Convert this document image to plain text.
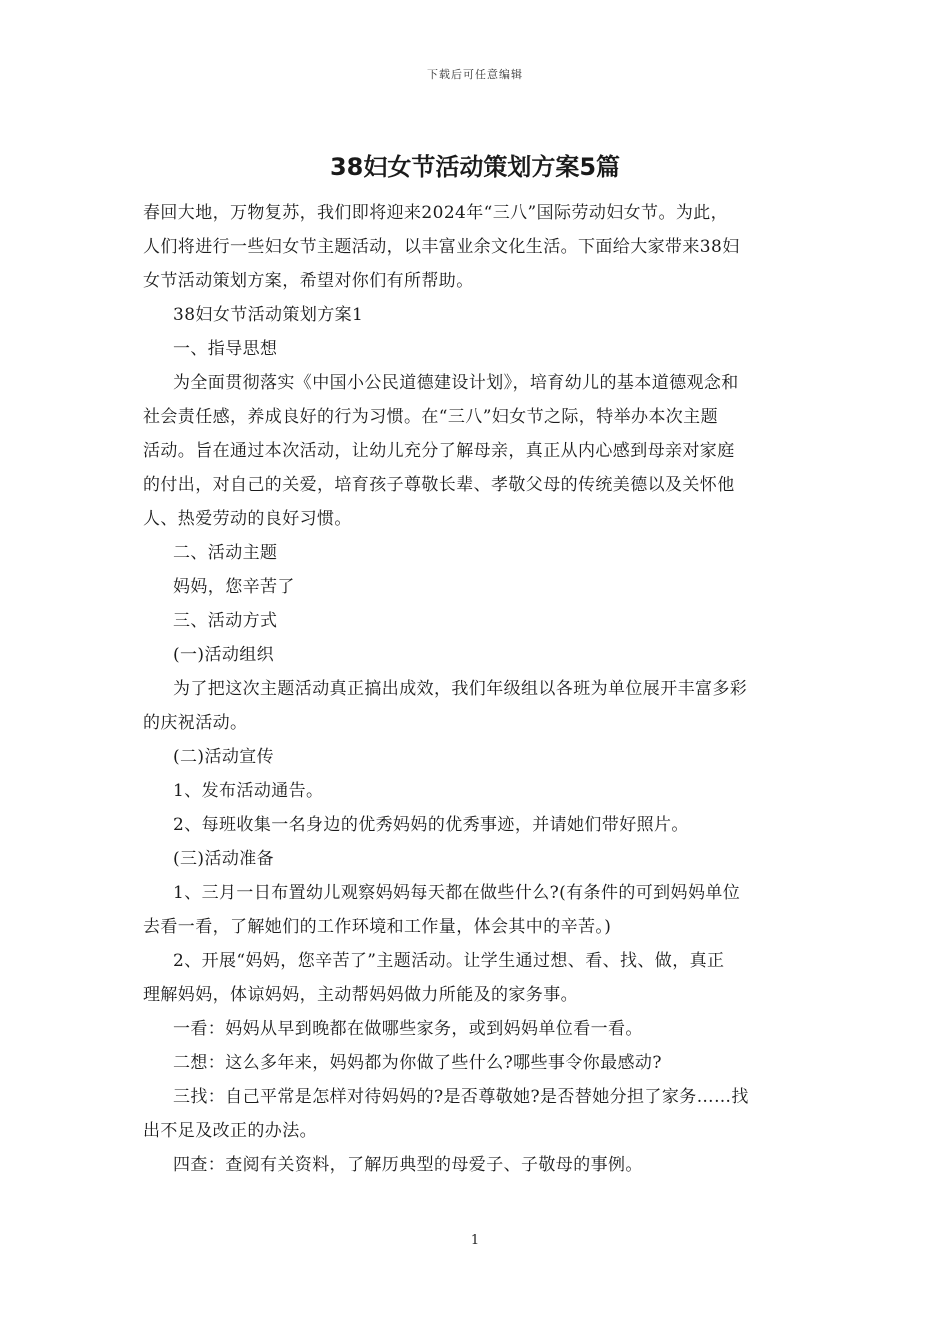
下载后可任意编辑
38妇女节活动策划方案5篇

春回大地，万物复苏，我们即将迎来2024年“三八”国际劳动妇女节。为此，

人们将进行一些妇女节主题活动，以丰富业余文化生活。下面给大家带来38妇

女节活动策划方案，希望对你们有所帮助。

38妇女节活动策划方案1

一、指导思想

为全面贯彻落实《中国小公民道德建设计划》，培育幼儿的基本道德观念和

社会责任感，养成良好的行为习惯。在“三八”妇女节之际，特举办本次主题

活动。旨在通过本次活动，让幼儿充分了解母亲，真正从内心感到母亲对家庭

的付出，对自己的关爱，培育孩子尊敬长辈、孝敬父母的传统美德以及关怀他

人、热爱劳动的良好习惯。

二、活动主题

妈妈，您辛苦了

三、活动方式

(一)活动组织

为了把这次主题活动真正搞出成效，我们年级组以各班为单位展开丰富多彩

的庆祝活动。

(二)活动宣传

1、发布活动通告。

2、每班收集一名身边的优秀妈妈的优秀事迹，并请她们带好照片。

(三)活动准备

1、三月一日布置幼儿观察妈妈每天都在做些什么?(有条件的可到妈妈单位

去看一看，了解她们的工作环境和工作量，体会其中的辛苦。)

2、开展“妈妈，您辛苦了”主题活动。让学生通过想、看、找、做，真正

理解妈妈，体谅妈妈，主动帮妈妈做力所能及的家务事。

一看：妈妈从早到晚都在做哪些家务，或到妈妈单位看一看。

二想：这么多年来，妈妈都为你做了些什么?哪些事令你最感动?

三找：自己平常是怎样对待妈妈的?是否尊敬她?是否替她分担了家务……找

出不足及改正的办法。

四查：查阅有关资料，了解历典型的母爱子、子敬母的事例。

1
